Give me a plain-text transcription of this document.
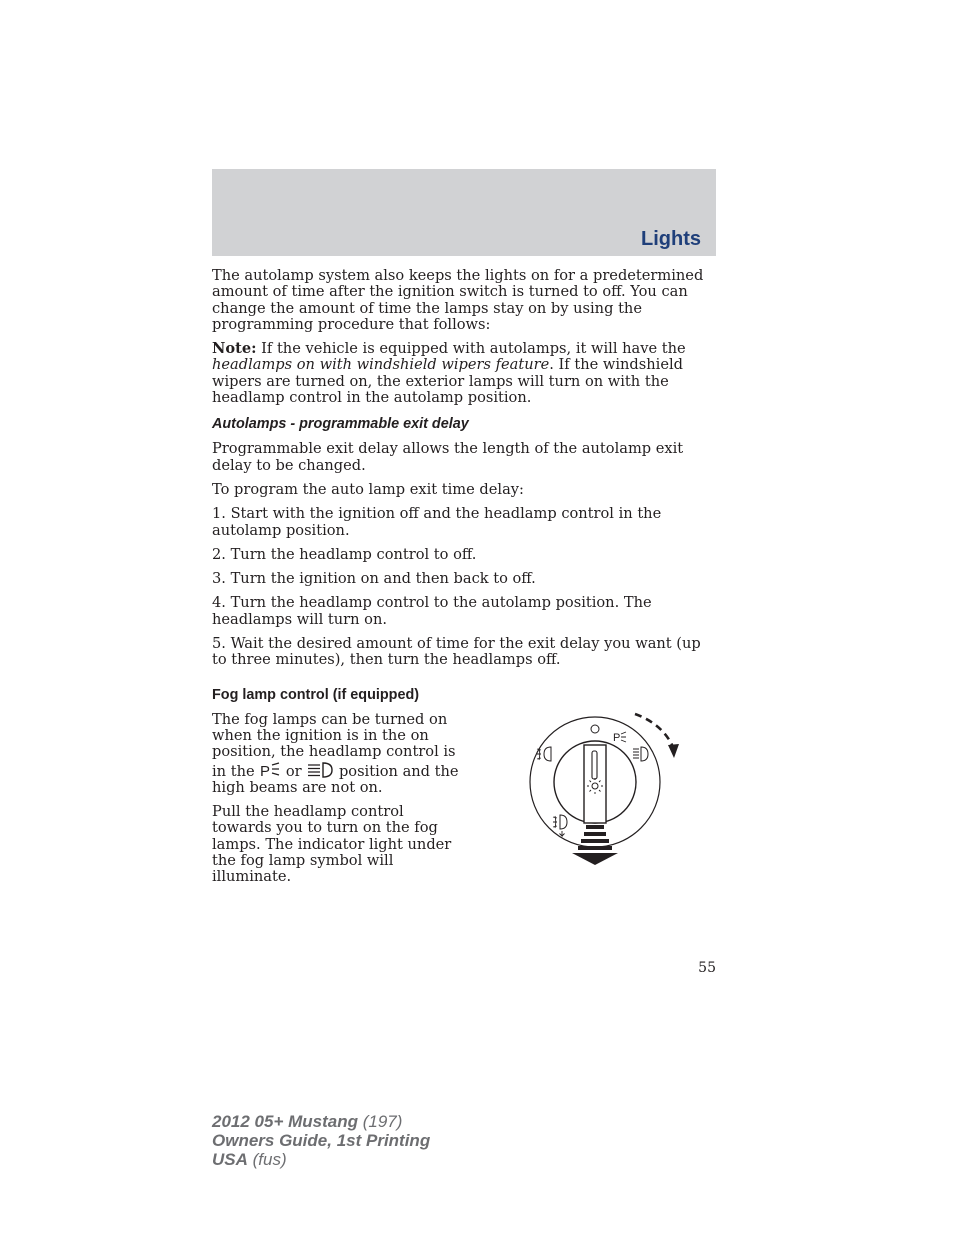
Lights

The autolamp system also keeps the lights on for a predetermined amount of time after the ignition switch is turned to off. You can change the amount of time the lamps stay on by using the programming procedure that follows:

Note: If the vehicle is equipped with autolamps, it will have the headlamps on with windshield wipers feature. If the windshield wipers are turned on, the exterior lamps will turn on with the headlamp control in the autolamp position.

Autolamps - programmable exit delay

Programmable exit delay allows the length of the autolamp exit delay to be changed.

To program the auto lamp exit time delay:

1. Start with the ignition off and the headlamp control in the autolamp position.

2. Turn the headlamp control to off.

3. Turn the ignition on and then back to off.

4. Turn the headlamp control to the autolamp position. The headlamps will turn on.

5. Wait the desired amount of time for the exit delay you want (up to three minutes), then turn the headlamps off.

Fog lamp control (if equipped)

The fog lamps can be turned on when the ignition is in the on position, the headlamp control is in the P or	position and the high beams are not on.

Pull the headlamp control towards you to turn on the fog lamps. The indicator light under the fog lamp symbol will illuminate.

P
55
2012 05+ Mustang (197)
Owners Guide, 1st Printing
USA (fus)
